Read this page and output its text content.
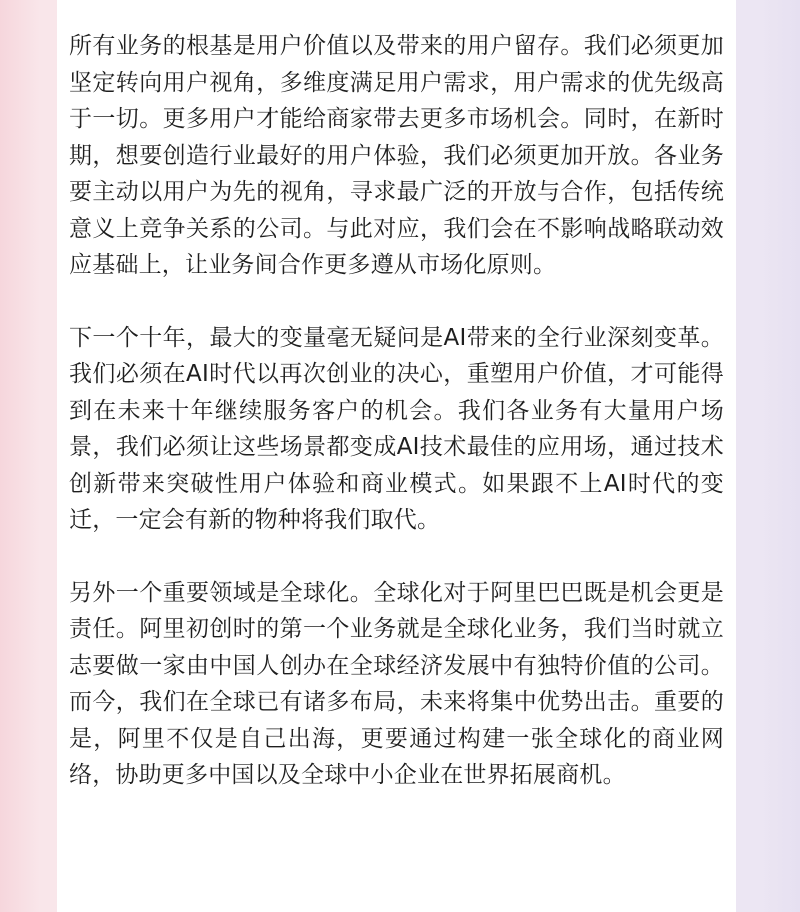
所有业务的根基是用户价值以及带来的用户留存。我们必须更加坚定转向用户视角，多维度满足用户需求，用户需求的优先级高于一切。更多用户才能给商家带去更多市场机会。同时，在新时期，想要创造行业最好的用户体验，我们必须更加开放。各业务要主动以用户为先的视角，寻求最广泛的开放与合作，包括传统意义上竞争关系的公司。与此对应，我们会在不影响战略联动效应基础上，让业务间合作更多遵从市场化原则。

下一个十年，最大的变量毫无疑问是AI带来的全行业深刻变革。我们必须在AI时代以再次创业的决心，重塑用户价值，才可能得到在未来十年继续服务客户的机会。我们各业务有大量用户场景，我们必须让这些场景都变成AI技术最佳的应用场，通过技术创新带来突破性用户体验和商业模式。如果跟不上AI时代的变迁，一定会有新的物种将我们取代。

另外一个重要领域是全球化。全球化对于阿里巴巴既是机会更是责任。阿里初创时的第一个业务就是全球化业务，我们当时就立志要做一家由中国人创办在全球经济发展中有独特价值的公司。而今，我们在全球已有诸多布局，未来将集中优势出击。重要的是，阿里不仅是自己出海，更要通过构建一张全球化的商业网络，协助更多中国以及全球中小企业在世界拓展商机。
